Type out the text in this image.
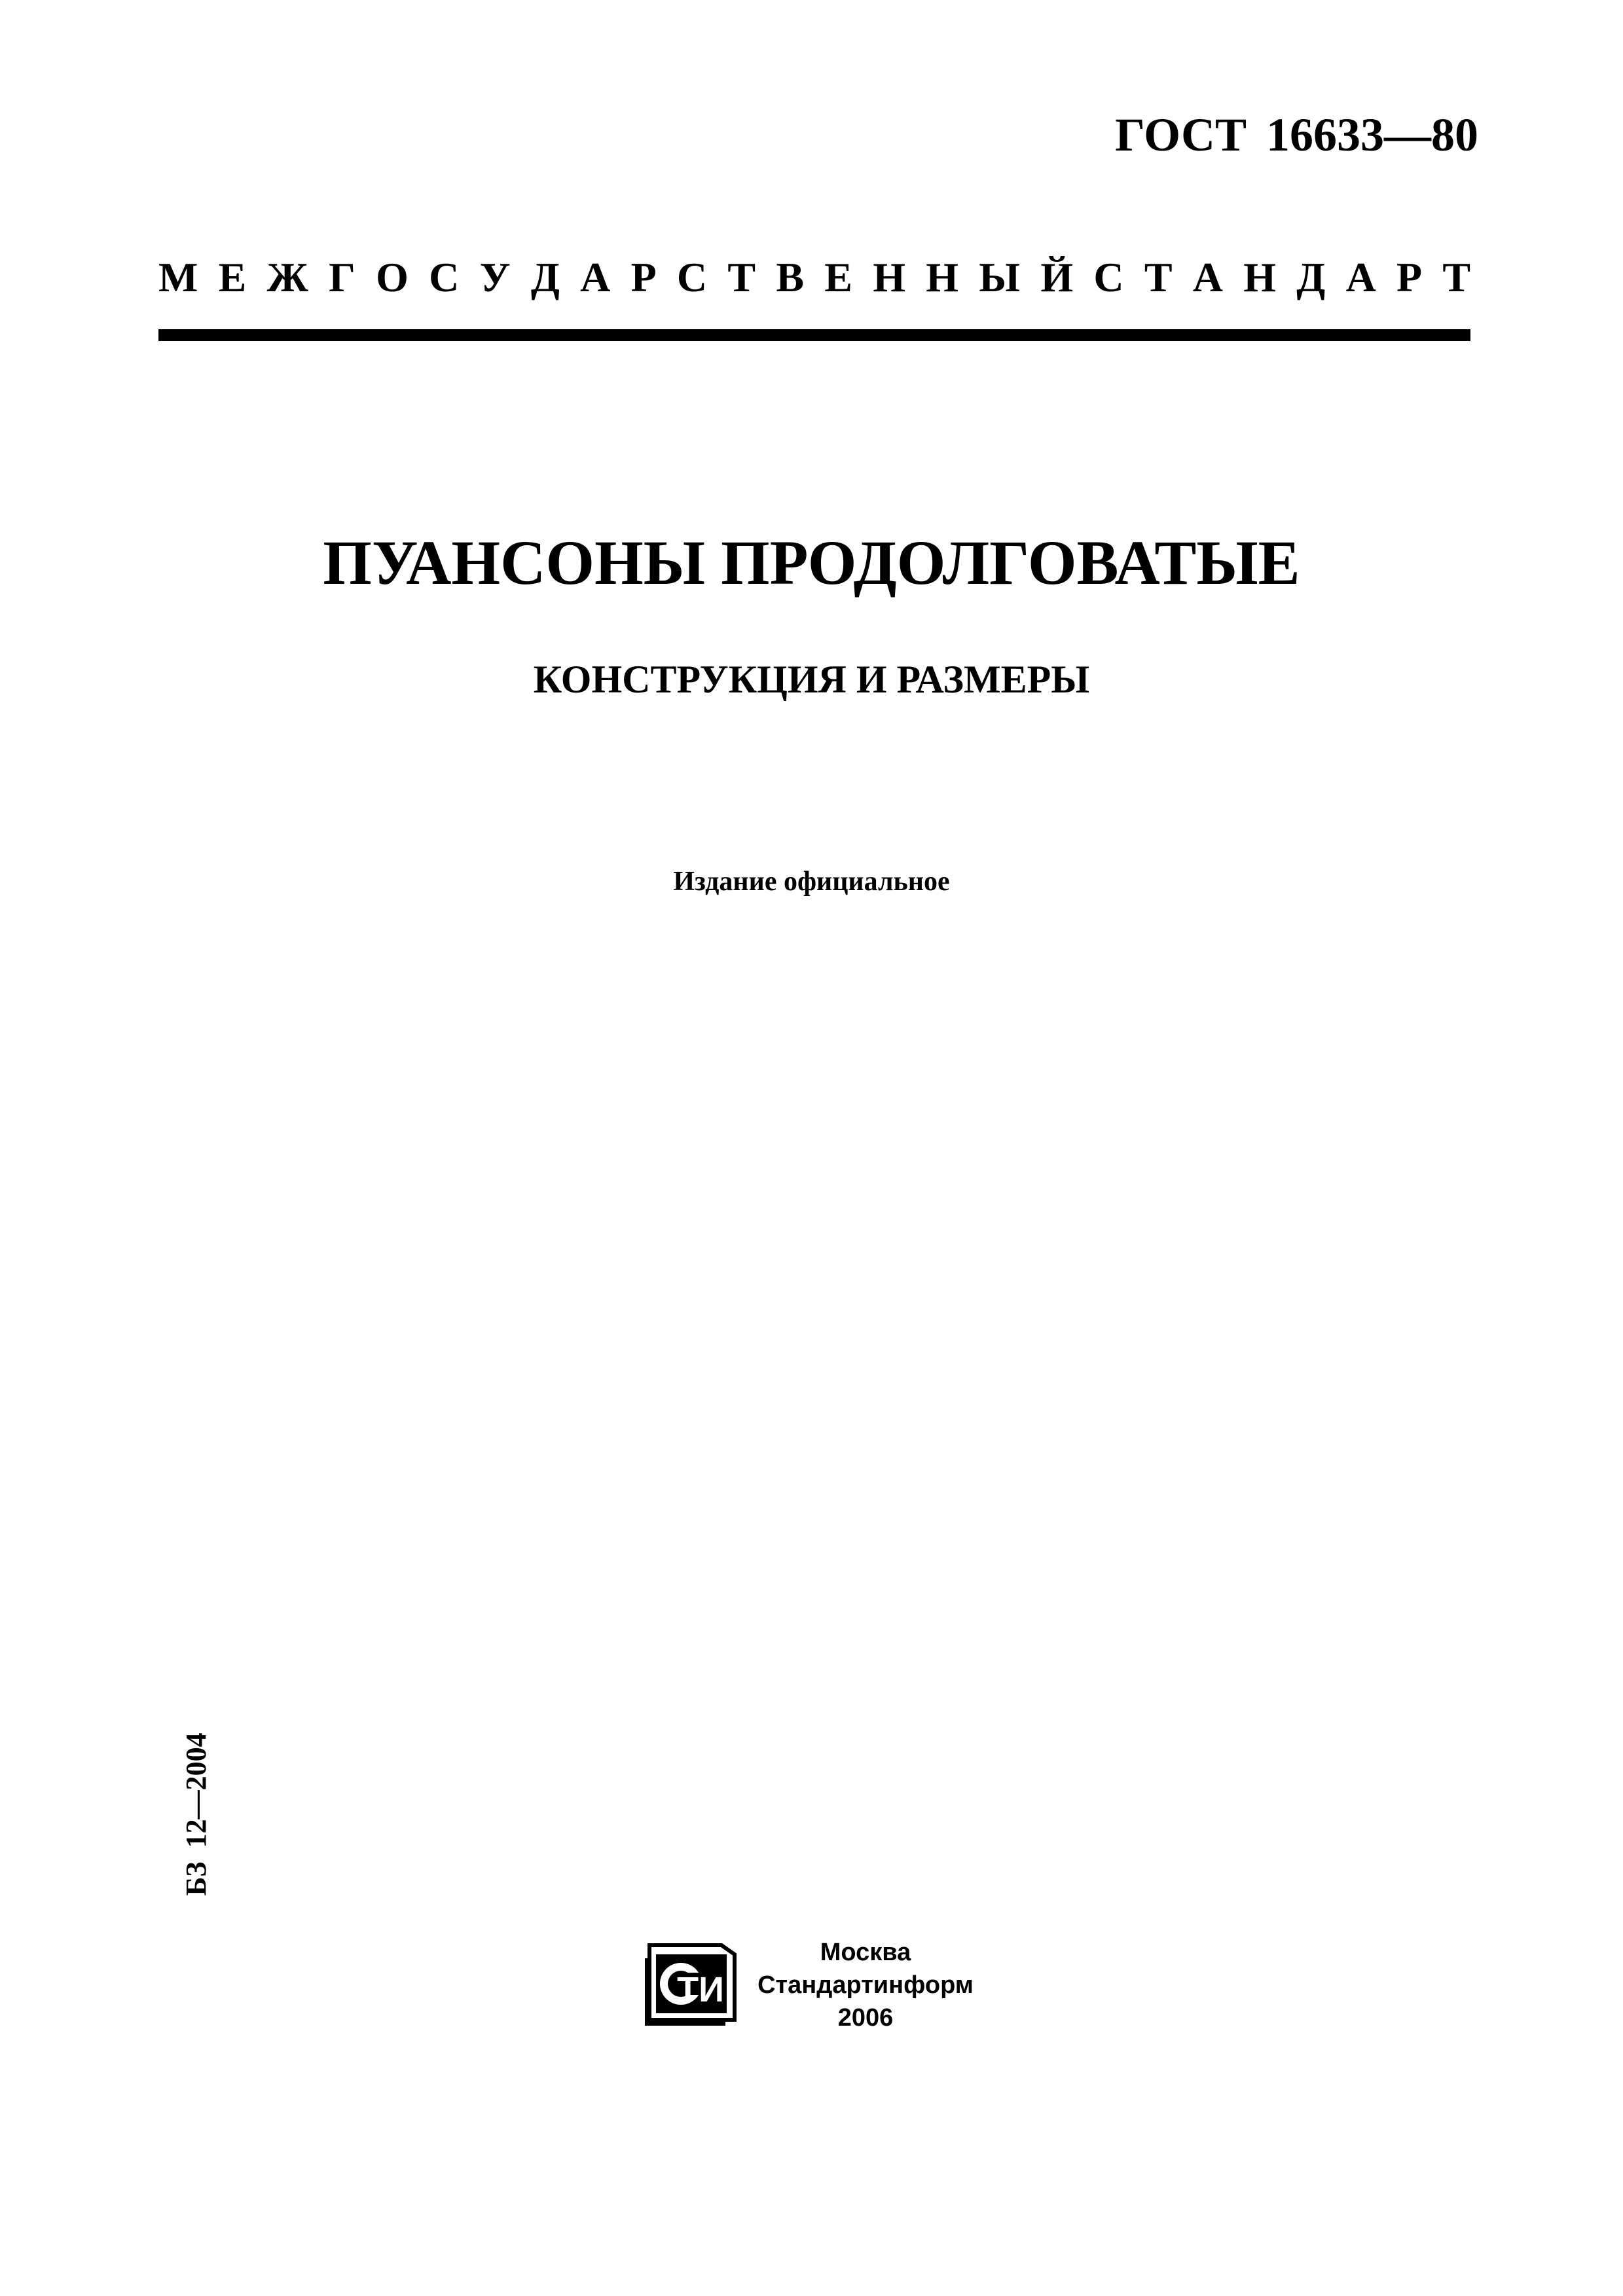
ГОСТ 16633—80
М Е Ж Г О С У Д А Р С Т В Е Н Н Ы Й С Т А Н Д А Р Т
ПУАНСОНЫ ПРОДОЛГОВАТЫЕ
КОНСТРУКЦИЯ И РАЗМЕРЫ
Издание официальное
БЗ 12—2004
ТИ
Москва
Стандартинформ
2006
